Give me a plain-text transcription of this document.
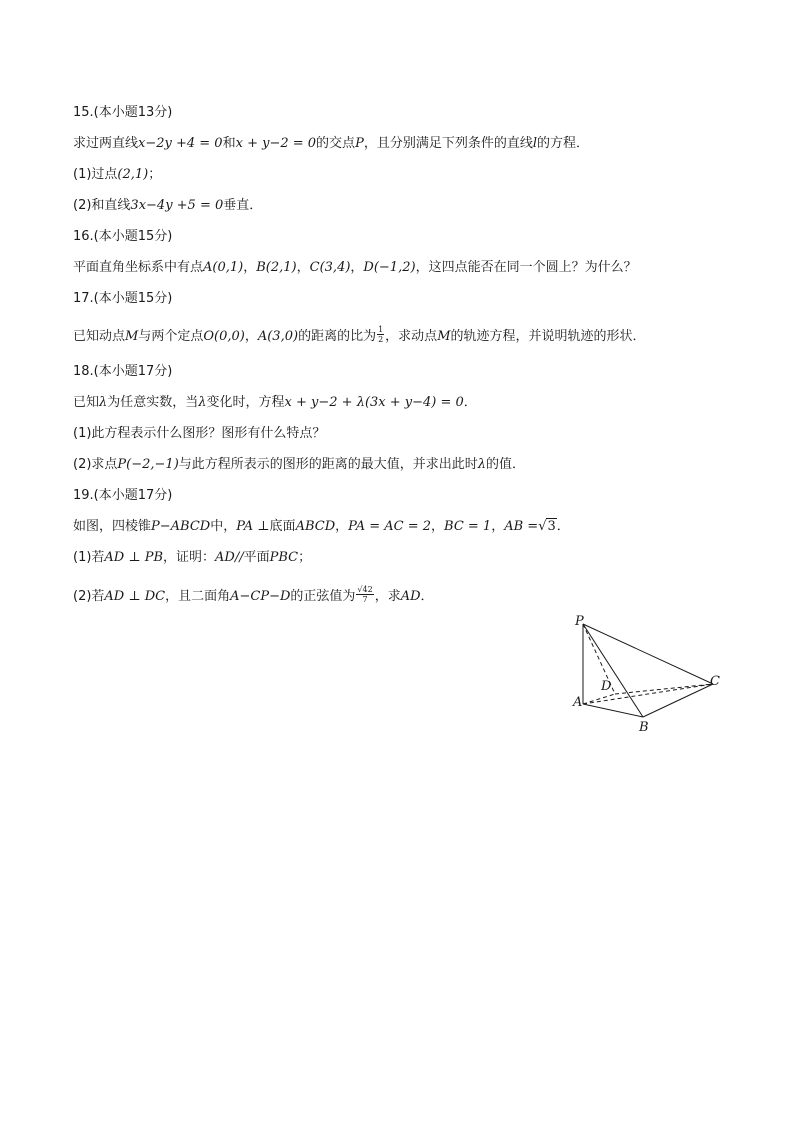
15.(本小题13分)
求过两直线x−2y +4 = 0和x + y−2 = 0的交点P，且分别满足下列条件的直线l的方程．
(1)过点(2,1)；
(2)和直线3x−4y +5 = 0垂直．
16.(本小题15分)
平面直角坐标系中有点A(0,1)，B(2,1)，C(3,4)，D(−1,2)，这四点能否在同一个圆上？为什么？
17.(本小题15分)
已知动点M与两个定点O(0,0)，A(3,0)的距离的比为 $\frac{1}{2}$ ，求动点M的轨迹方程，并说明轨迹的形状．
18.(本小题17分)
已知λ为任意实数，当λ变化时，方程x + y−2 + λ(3x + y−4) = 0．
(1)此方程表示什么图形？图形有什么特点？
(2)求点P(−2,−1)与此方程所表示的图形的距离的最大值，并求出此时λ的值．
19.(本小题17分)
如图，四棱锥P−ABCD中，PA ⊥底面ABCD，PA = AC = 2，BC = 1，AB =√3．
(1)若AD ⊥ PB，证明：AD//平面PBC；
(2)若AD ⊥ DC，且二面角A−CP−D的正弦值为 $\frac{√42}{7}$ ，求AD．
P
D	C
A
B
